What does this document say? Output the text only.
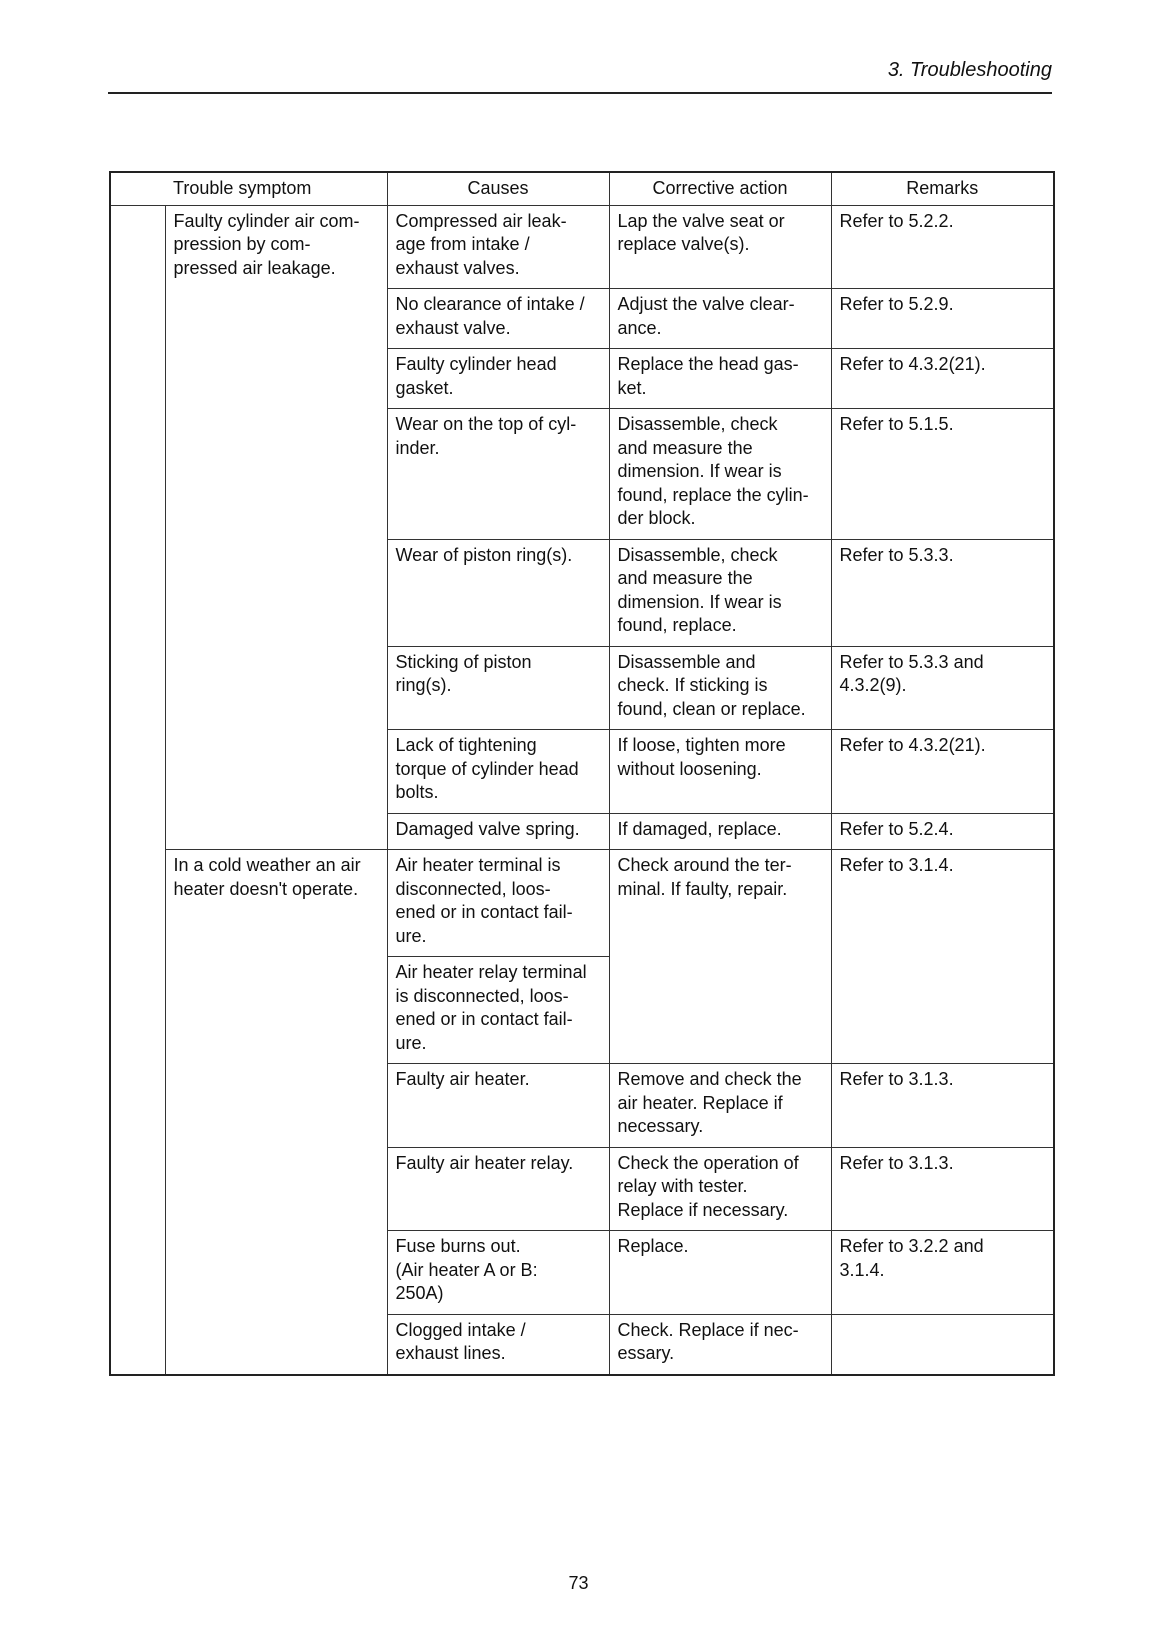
3. Troubleshooting
Trouble symptom		Causes	Corrective action	Remarks
	Faulty cylinder air com-
pression by com-
pressed air leakage.	Compressed air leak-
age from intake /
exhaust valves.	Lap the valve seat or
replace valve(s).	Refer to 5.2.2.
		No clearance of intake /
exhaust valve.	Adjust the valve clear-
ance.	Refer to 5.2.9.
		Faulty cylinder head
gasket.	Replace the head gas-
ket.	Refer to 4.3.2(21).
		Wear on the top of cyl-
inder.	Disassemble, check
and measure the
dimension. If wear is
found, replace the cylin-
der block.	Refer to 5.1.5.
		Wear of piston ring(s).	Disassemble, check
and measure the
dimension. If wear is
found, replace.	Refer to 5.3.3.
		Sticking of piston
ring(s).	Disassemble and
check. If sticking is
found, clean or replace.	Refer to 5.3.3 and
4.3.2(9).
		Lack of tightening
torque of cylinder head
bolts.	If loose, tighten more
without loosening.	Refer to 4.3.2(21).
		Damaged valve spring.	If damaged, replace.	Refer to 5.2.4.
	In a cold weather an air
heater doesn't operate.	Air heater terminal is
disconnected, loos-
ened or in contact fail-
ure.	Check around the ter-
minal. If faulty, repair.	Refer to 3.1.4.
		Air heater relay terminal
is disconnected, loos-
ened or in contact fail-
ure.		
		Faulty air heater.	Remove and check the
air heater. Replace if
necessary.	Refer to 3.1.3.
		Faulty air heater relay.	Check the operation of
relay with tester.
Replace if necessary.	Refer to 3.1.3.
		Fuse burns out.
(Air heater A or B:
250A)	Replace.	Refer to 3.2.2 and
3.1.4.
		Clogged intake /
exhaust lines.	Check. Replace if nec-
essary.	
73
